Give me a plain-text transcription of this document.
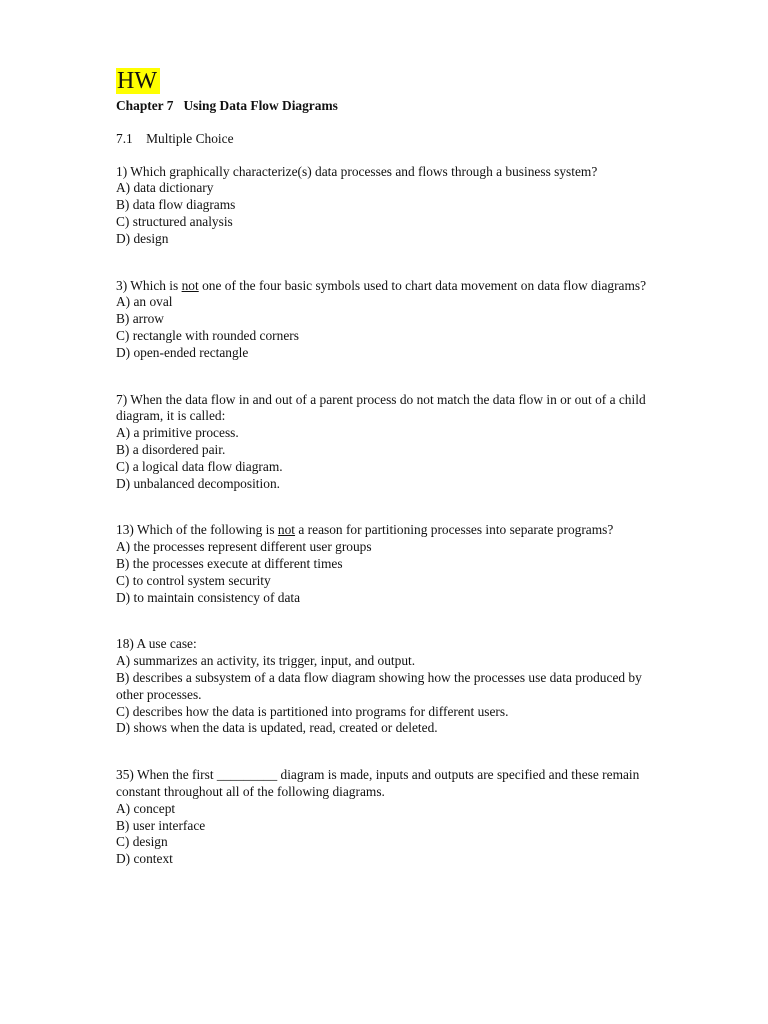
HW
Chapter 7   Using Data Flow Diagrams
7.1    Multiple Choice
1) Which graphically characterize(s) data processes and flows through a business system?
A) data dictionary
B) data flow diagrams
C) structured analysis
D) design
3) Which is not one of the four basic symbols used to chart data movement on data flow diagrams?
A) an oval
B) arrow
C) rectangle with rounded corners
D) open-ended rectangle
7) When the data flow in and out of a parent process do not match the data flow in or out of a child diagram, it is called:
A) a primitive process.
B) a disordered pair.
C) a logical data flow diagram.
D) unbalanced decomposition.
13) Which of the following is not a reason for partitioning processes into separate programs?
A) the processes represent different user groups
B) the processes execute at different times
C) to control system security
D) to maintain consistency of data
18) A use case:
A) summarizes an activity, its trigger, input, and output.
B) describes a subsystem of a data flow diagram showing how the processes use data produced by other processes.
C) describes how the data is partitioned into programs for different users.
D) shows when the data is updated, read, created or deleted.
35) When the first _________ diagram is made, inputs and outputs are specified and these remain constant throughout all of the following diagrams.
A) concept
B) user interface
C) design
D) context
